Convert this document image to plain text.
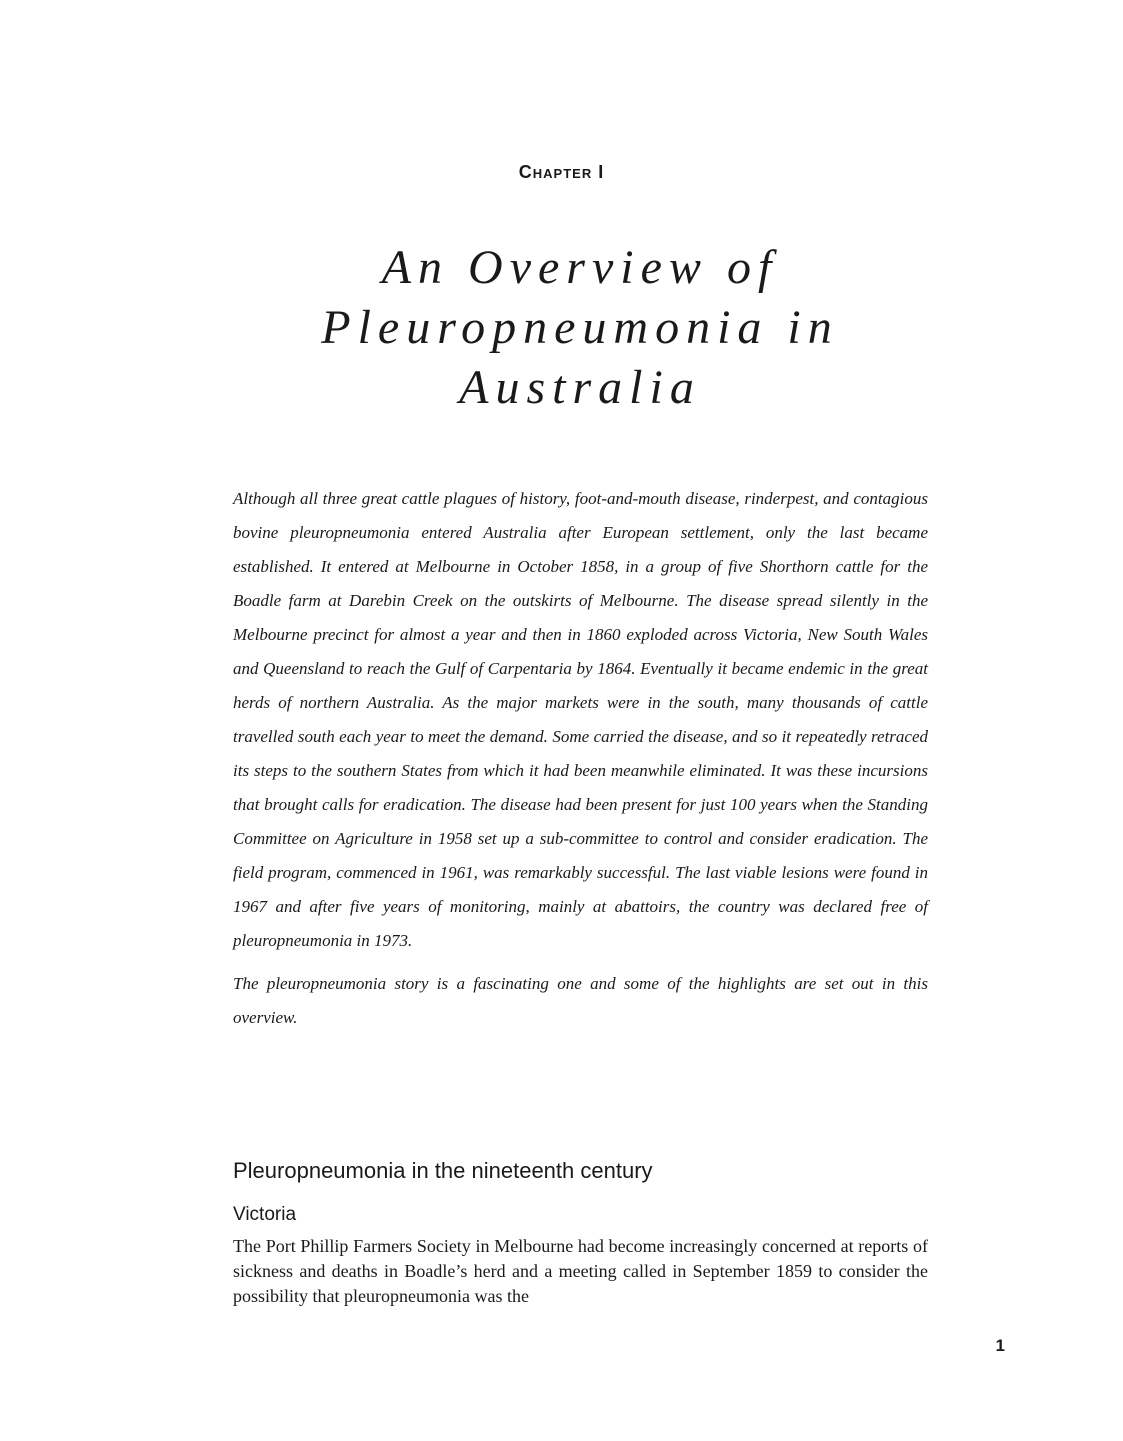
Chapter I
An Overview of Pleuropneumonia in Australia

Although all three great cattle plagues of history, foot-and-mouth disease, rinderpest, and contagious bovine pleuropneumonia entered Australia after European settlement, only the last became established. It entered at Melbourne in October 1858, in a group of five Shorthorn cattle for the Boadle farm at Darebin Creek on the outskirts of Melbourne. The disease spread silently in the Melbourne precinct for almost a year and then in 1860 exploded across Victoria, New South Wales and Queensland to reach the Gulf of Carpentaria by 1864. Eventually it became endemic in the great herds of northern Australia. As the major markets were in the south, many thousands of cattle travelled south each year to meet the demand. Some carried the disease, and so it repeatedly retraced its steps to the southern States from which it had been meanwhile eliminated. It was these incursions that brought calls for eradication. The disease had been present for just 100 years when the Standing Committee on Agriculture in 1958 set up a sub-committee to control and consider eradication. The field program, commenced in 1961, was remarkably successful. The last viable lesions were found in 1967 and after five years of monitoring, mainly at abattoirs, the country was declared free of pleuropneumonia in 1973.

The pleuropneumonia story is a fascinating one and some of the highlights are set out in this overview.

Pleuropneumonia in the nineteenth century
Victoria

The Port Phillip Farmers Society in Melbourne had become increasingly concerned at reports of sickness and deaths in Boadle’s herd and a meeting called in September 1859 to consider the possibility that pleuropneumonia was the

1
